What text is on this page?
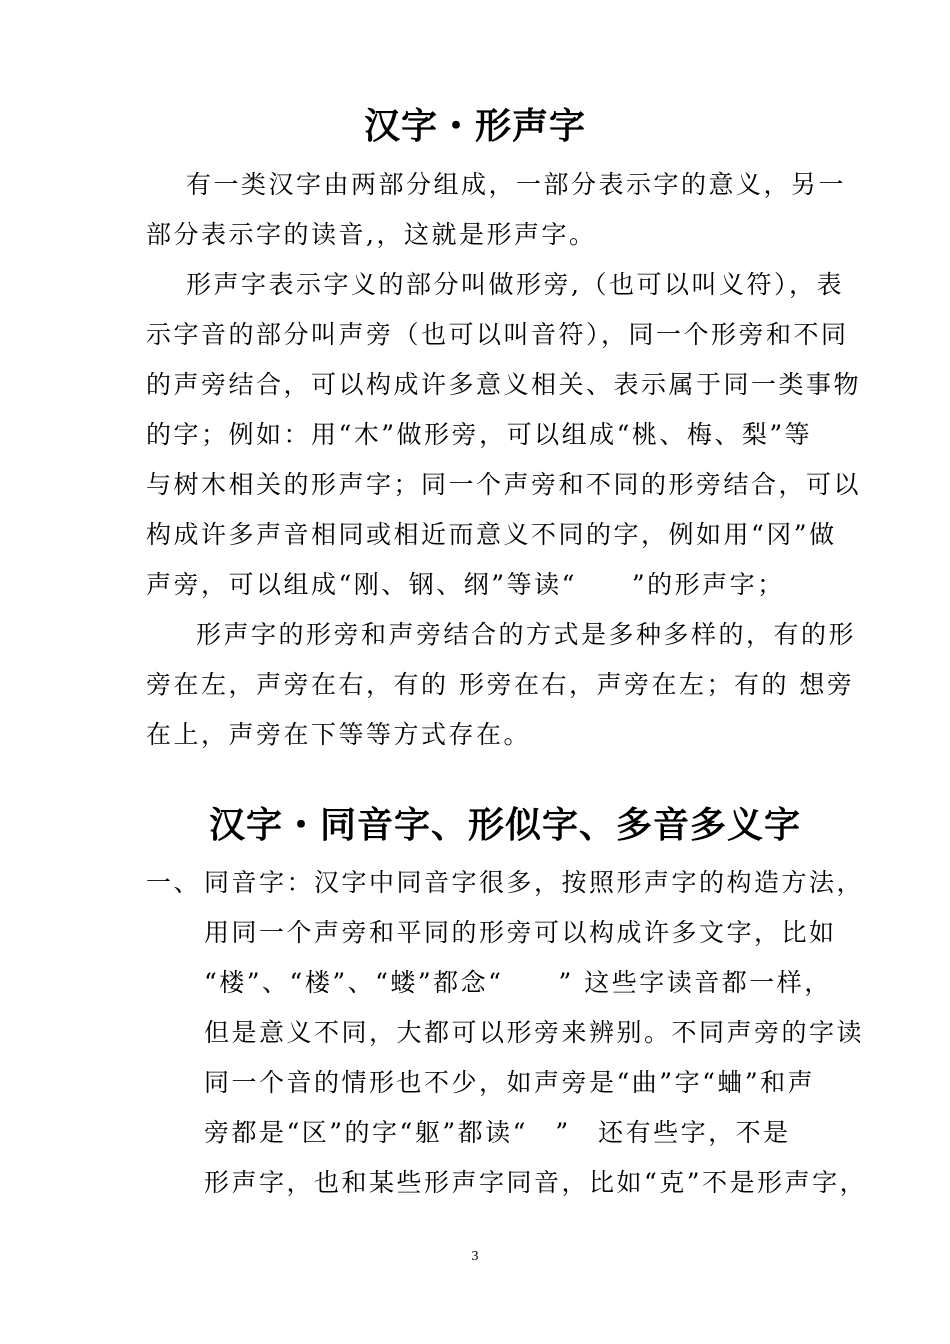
汉字・形声字
有一类汉字由两部分组成，一部分表示字的意义，另一
部分表示字的读音,，这就是形声字。
形声字表示字义的部分叫做形旁,（也可以叫义符），表
示字音的部分叫声旁（也可以叫音符），同一个形旁和不同
的声旁结合，可以构成许多意义相关、表示属于同一类事物
的字；例如：用“木”做形旁，可以组成“桃、梅、梨”等
与树木相关的形声字；同一个声旁和不同的形旁结合，可以
构成许多声音相同或相近而意义不同的字，例如用“冈”做
声旁，可以组成“刚、钢、纲”等读“　　”的形声字；
形声字的形旁和声旁结合的方式是多种多样的，有的形
旁在左，声旁在右，有的 形旁在右，声旁在左；有的 想旁
在上，声旁在下等等方式存在。
汉字・同音字、形似字、多音多义字
一、 同音字：汉字中同音字很多，按照形声字的构造方法，
用同一个声旁和平同的形旁可以构成许多文字，比如
“楼”、“楼”、“蝼”都念“　　” 这些字读音都一样，
但是意义不同，大都可以形旁来辨别。不同声旁的字读
同一个音的情形也不少，如声旁是“曲”字“蛐”和声
旁都是“区”的字“躯”都读“　”　还有些字，不是
形声字，也和某些形声字同音，比如“克”不是形声字，
3
